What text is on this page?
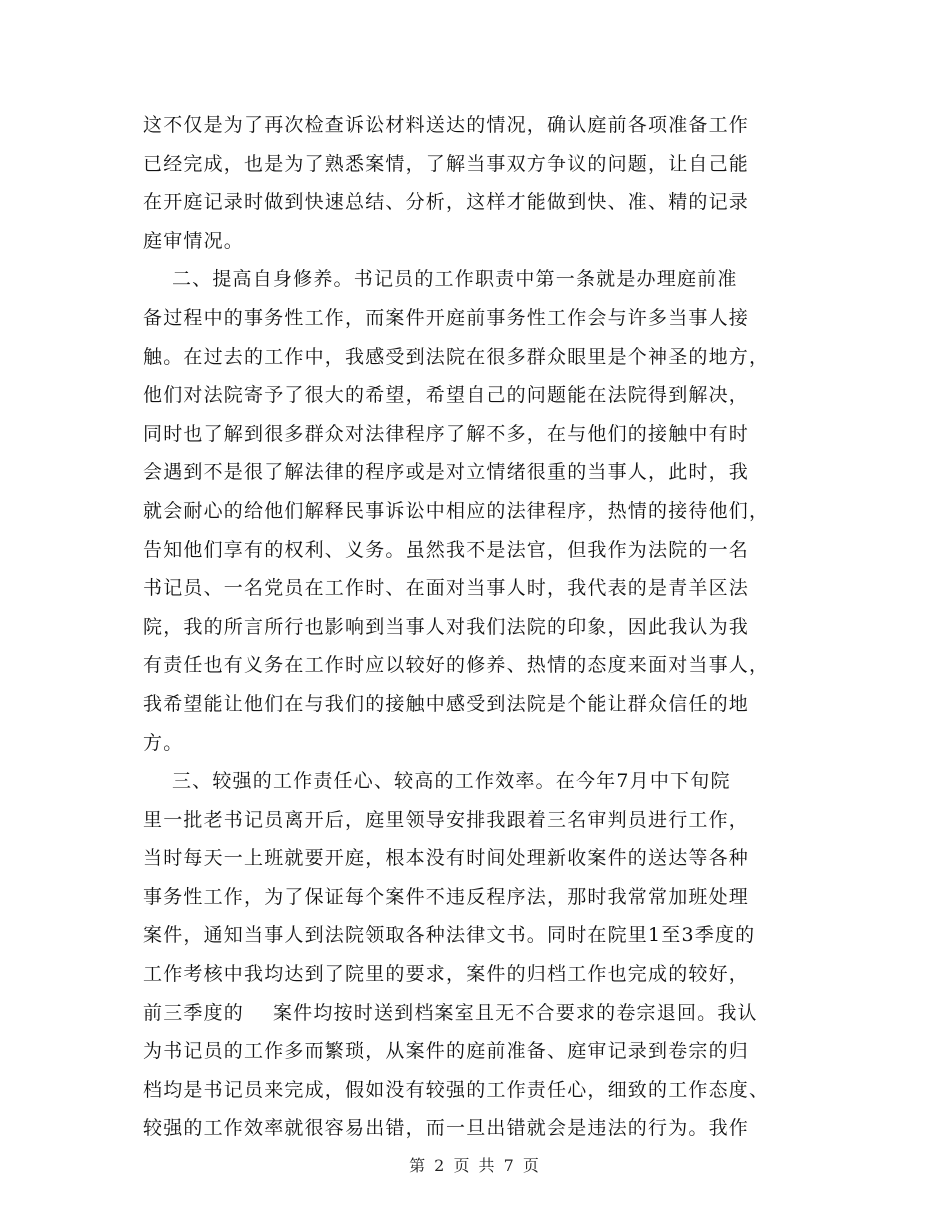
这不仅是为了再次检查诉讼材料送达的情况，确认庭前各项准备工作
已经完成，也是为了熟悉案情，了解当事双方争议的问题，让自己能
在开庭记录时做到快速总结、分析，这样才能做到快、准、精的记录
庭审情况。
二、提高自身修养。书记员的工作职责中第一条就是办理庭前准
备过程中的事务性工作，而案件开庭前事务性工作会与许多当事人接
触。在过去的工作中，我感受到法院在很多群众眼里是个神圣的地方，
他们对法院寄予了很大的希望，希望自己的问题能在法院得到解决，
同时也了解到很多群众对法律程序了解不多，在与他们的接触中有时
会遇到不是很了解法律的程序或是对立情绪很重的当事人，此时，我
就会耐心的给他们解释民事诉讼中相应的法律程序，热情的接待他们，
告知他们享有的权利、义务。虽然我不是法官，但我作为法院的一名
书记员、一名党员在工作时、在面对当事人时，我代表的是青羊区法
院，我的所言所行也影响到当事人对我们法院的印象，因此我认为我
有责任也有义务在工作时应以较好的修养、热情的态度来面对当事人，
我希望能让他们在与我们的接触中感受到法院是个能让群众信任的地
方。
三、较强的工作责任心、较高的工作效率。在今年7月中下旬院
里一批老书记员离开后，庭里领导安排我跟着三名审判员进行工作，
当时每天一上班就要开庭，根本没有时间处理新收案件的送达等各种
事务性工作，为了保证每个案件不违反程序法，那时我常常加班处理
案件，通知当事人到法院领取各种法律文书。同时在院里1至3季度的
工作考核中我均达到了院里的要求，案件的归档工作也完成的较好，
前三季度的    案件均按时送到档案室且无不合要求的卷宗退回。我认
为书记员的工作多而繁琐，从案件的庭前准备、庭审记录到卷宗的归
档均是书记员来完成，假如没有较强的工作责任心，细致的工作态度、
较强的工作效率就很容易出错，而一旦出错就会是违法的行为。我作
第 2 页 共 7 页
